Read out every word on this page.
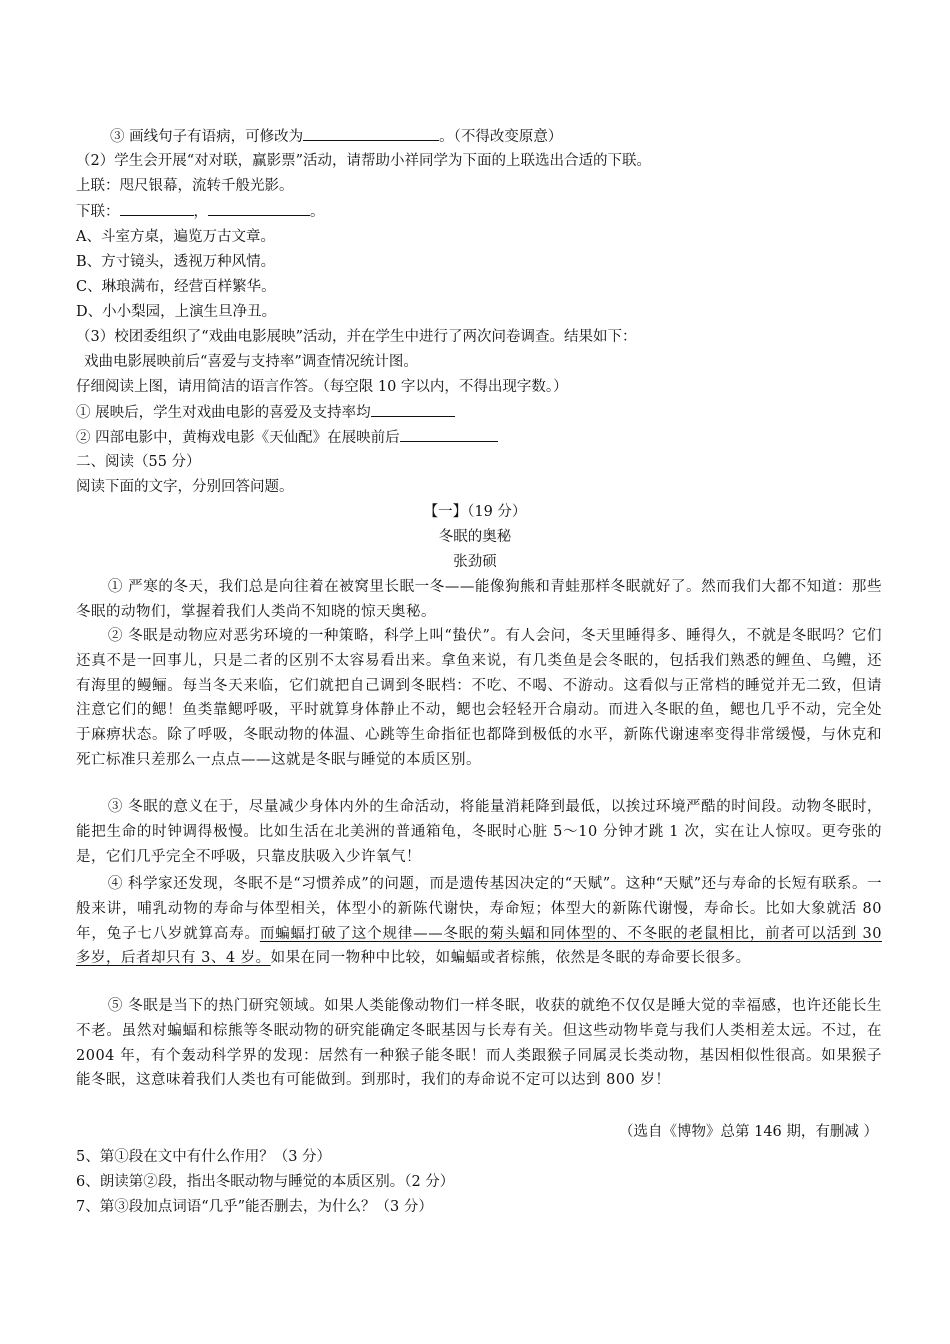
③ 画线句子有语病，可修改为	。（不得改变原意）
（2）学生会开展“对对联，赢影票”活动，请帮助小祥同学为下面的上联选出合适的下联。
上联：咫尺银幕，流转千般光影。
下联：	，	。
A、斗室方桌，遍览万古文章。
B、方寸镜头，透视万种风情。
C、琳琅满布，经营百样繁华。
D、小小梨园，上演生旦净丑。
（3）校团委组织了“戏曲电影展映”活动，并在学生中进行了两次问卷调查。结果如下：
戏曲电影展映前后“喜爱与支持率”调查情况统计图。
仔细阅读上图，请用简洁的语言作答。（每空限 10 字以内，不得出现字数。）
① 展映后，学生对戏曲电影的喜爱及支持率均
② 四部电影中，黄梅戏电影《天仙配》在展映前后
二、阅读（55 分）
阅读下面的文字，分别回答问题。
【一】（19 分）
冬眠的奥秘
张劲硕
① 严寒的冬天，我们总是向往着在被窝里长眠一冬——能像狗熊和青蛙那样冬眠就好了。然而我们大都不知道：那些冬眠的动物们，掌握着我们人类尚不知晓的惊天奥秘。
② 冬眠是动物应对恶劣环境的一种策略，科学上叫“蛰伏”。有人会问，冬天里睡得多、睡得久，不就是冬眠吗？它们还真不是一回事儿，只是二者的区别不太容易看出来。拿鱼来说，有几类鱼是会冬眠的，包括我们熟悉的鲤鱼、乌鳢，还有海里的鳗鲡。每当冬天来临，它们就把自己调到冬眠档：不吃、不喝、不游动。这看似与正常档的睡觉并无二致，但请注意它们的鳃！鱼类靠鳃呼吸，平时就算身体静止不动，鳃也会轻轻开合扇动。而进入冬眠的鱼，鳃也几乎不动，完全处于麻痹状态。除了呼吸，冬眠动物的体温、心跳等生命指征也都降到极低的水平，新陈代谢速率变得非常缓慢，与休克和死亡标准只差那么一点点——这就是冬眠与睡觉的本质区别。
③ 冬眠的意义在于，尽量减少身体内外的生命活动，将能量消耗降到最低，以挨过环境严酷的时间段。动物冬眠时，能把生命的时钟调得极慢。比如生活在北美洲的普通箱龟，冬眠时心脏 5～10 分钟才跳 1 次，实在让人惊叹。更夸张的是，它们几乎完全不呼吸，只靠皮肤吸入少许氧气！
④ 科学家还发现，冬眠不是“习惯养成”的问题，而是遗传基因决定的“天赋”。这种“天赋”还与寿命的长短有联系。一般来讲，哺乳动物的寿命与体型相关，体型小的新陈代谢快，寿命短；体型大的新陈代谢慢，寿命长。比如大象就活 80 年，兔子七八岁就算高寿。而蝙蝠打破了这个规律——冬眠的菊头蝠和同体型的、不冬眠的老鼠相比，前者可以活到 30 多岁，后者却只有 3、4 岁。如果在同一物种中比较，如蝙蝠或者棕熊，依然是冬眠的寿命要长很多。
⑤ 冬眠是当下的热门研究领域。如果人类能像动物们一样冬眠，收获的就绝不仅仅是睡大觉的幸福感，也许还能长生不老。虽然对蝙蝠和棕熊等冬眠动物的研究能确定冬眠基因与长寿有关。但这些动物毕竟与我们人类相差太远。不过，在 2004 年，有个轰动科学界的发现：居然有一种猴子能冬眠！而人类跟猴子同属灵长类动物，基因相似性很高。如果猴子能冬眠，这意味着我们人类也有可能做到。到那时，我们的寿命说不定可以达到 800 岁！
（选自《博物》总第 146 期，有删减 ）
5、第①段在文中有什么作用？（3 分）
6、朗读第②段，指出冬眠动物与睡觉的本质区别。（2 分）
7、第③段加点词语“几乎”能否删去，为什么？（3 分）
